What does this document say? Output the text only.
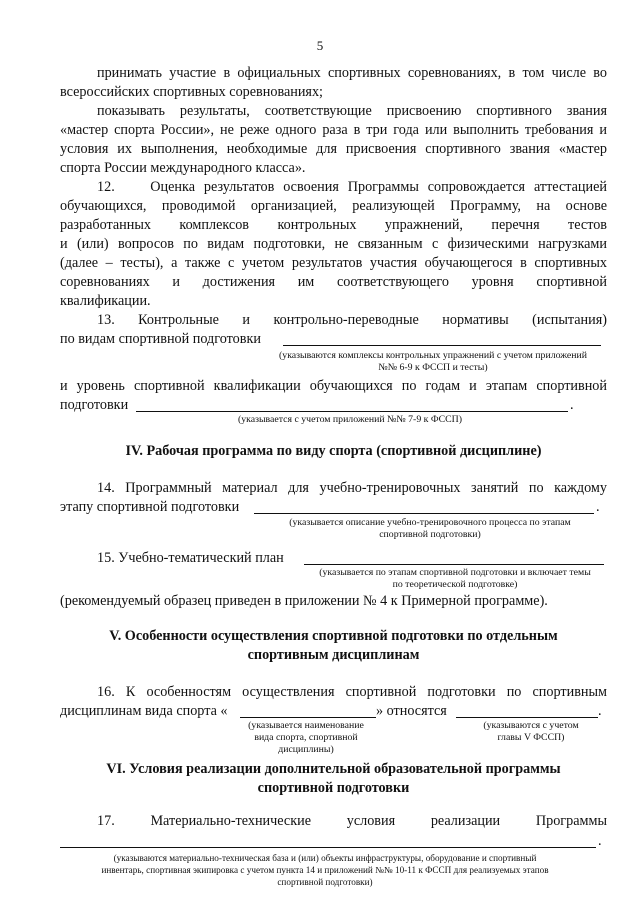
5
принимать участие в официальных спортивных соревнованиях, в том числе во
всероссийских спортивных соревнованиях;
показывать результаты, соответствующие присвоению спортивного звания
«мастер спорта России», не реже одного раза в три года или выполнить требования и
условия их выполнения, необходимые для присвоения спортивного звания «мастер
спорта России международного класса».
12.    Оценка результатов освоения Программы сопровождается аттестацией
обучающихся, проводимой организацией, реализующей Программу, на основе
разработанных комплексов контрольных упражнений, перечня тестов
и (или) вопросов по видам подготовки, не связанным с физическими нагрузками
(далее – тесты), а также с учетом результатов участия обучающегося в спортивных
соревнованиях и достижения им соответствующего уровня спортивной
квалификации.
13. Контрольные и контрольно-переводные нормативы (испытания)
по видам спортивной подготовки
(указываются комплексы контрольных упражнений с учетом приложений
№№ 6-9 к ФССП и тесты)
и уровень спортивной квалификации обучающихся по годам и этапам спортивной
подготовки	.
(указывается с учетом приложений №№ 7-9 к ФССП)
IV. Рабочая программа по виду спорта (спортивной дисциплине)
14. Программный материал для учебно-тренировочных занятий по каждому
этапу спортивной подготовки	.
(указывается описание учебно-тренировочного процесса по этапам
спортивной подготовки)
15. Учебно-тематический план
(указывается по этапам спортивной подготовки и включает темы
по теоретической подготовке)
(рекомендуемый образец приведен в приложении № 4 к Примерной программе).
V. Особенности осуществления спортивной подготовки по отдельным
спортивным дисциплинам
16. К особенностям осуществления спортивной подготовки по спортивным
дисциплинам вида спорта «	» относятся	.
(указывается наименование
вида спорта, спортивной
дисциплины)
(указываются с учетом
главы V ФССП)
VI. Условия реализации дополнительной образовательной программы
спортивной подготовки
17. Материально-технические условия реализации Программы
.
(указываются материально-техническая база и (или) объекты инфраструктуры, оборудование и спортивный
инвентарь, спортивная экипировка с учетом пункта 14 и приложений №№ 10-11 к ФССП для реализуемых этапов
спортивной подготовки)
